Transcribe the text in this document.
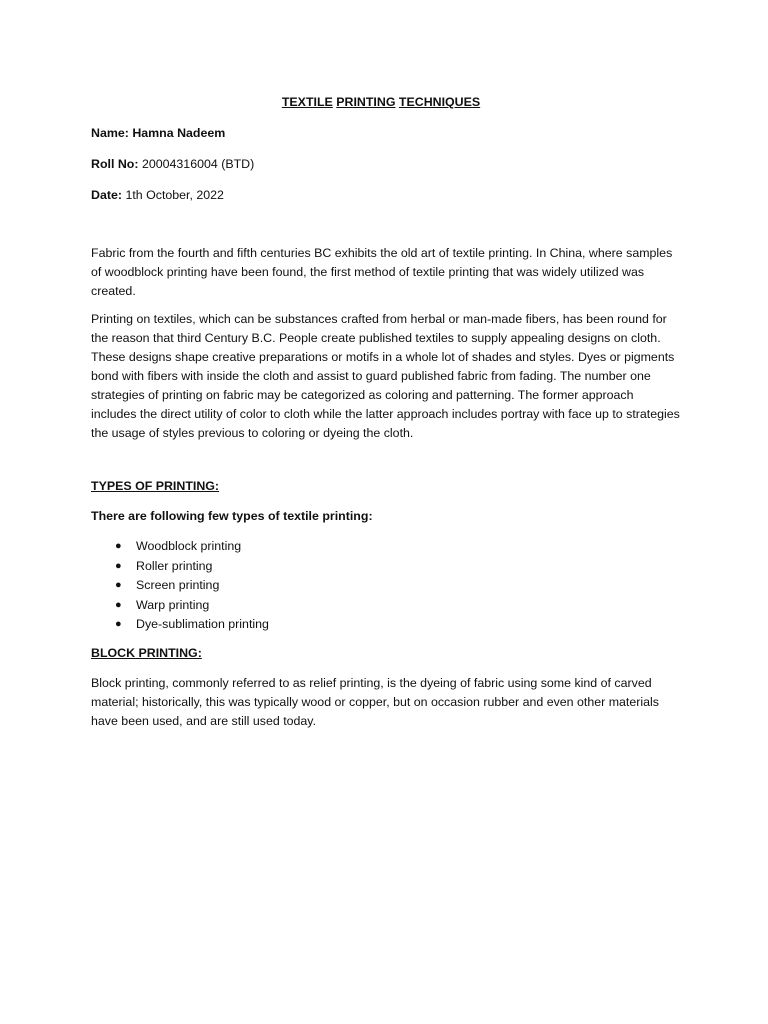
TEXTILE PRINTING TECHNIQUES

Name: Hamna Nadeem

Roll No: 20004316004 (BTD)

Date: 1th October, 2022

Fabric from the fourth and fifth centuries BC exhibits the old art of textile printing. In China, where samples of woodblock printing have been found, the first method of textile printing that was widely utilized was created.

Printing on textiles, which can be substances crafted from herbal or man-made fibers, has been round for the reason that third Century B.C. People create published textiles to supply appealing designs on cloth. These designs shape creative preparations or motifs in a whole lot of shades and styles. Dyes or pigments bond with fibers with inside the cloth and assist to guard published fabric from fading. The number one strategies of printing on fabric may be categorized as coloring and patterning. The former approach includes the direct utility of color to cloth while the latter approach includes portray with face up to strategies the usage of styles previous to coloring or dyeing the cloth.

TYPES OF PRINTING:

There are following few types of textile printing:

● Woodblock printing
● Roller printing
● Screen printing
● Warp printing
● Dye-sublimation printing

BLOCK PRINTING:

Block printing, commonly referred to as relief printing, is the dyeing of fabric using some kind of carved material; historically, this was typically wood or copper, but on occasion rubber and even other materials have been used, and are still used today.
